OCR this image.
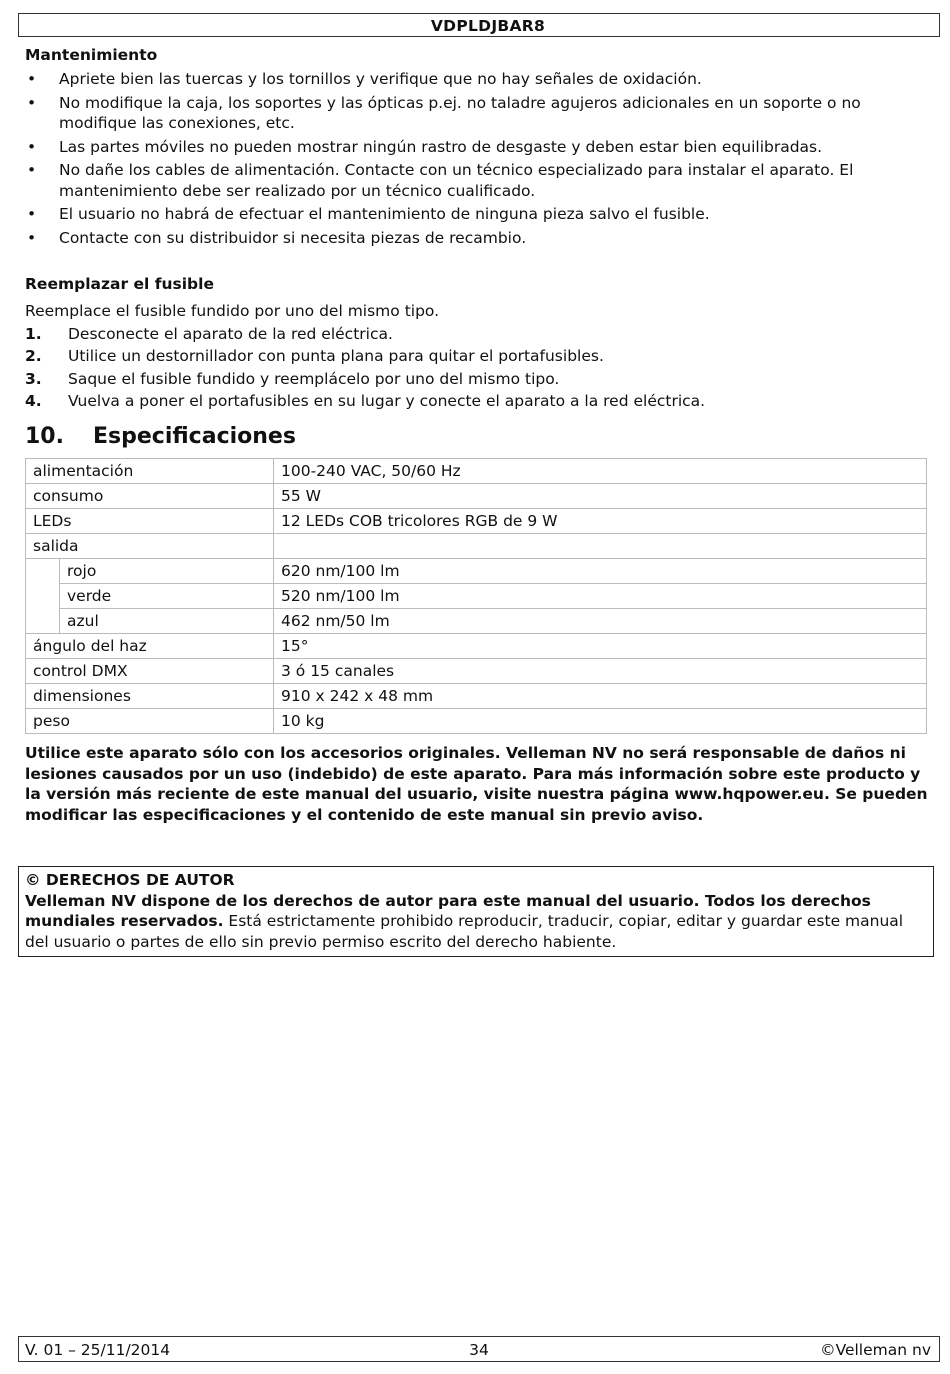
VDPLDJBAR8

Mantenimiento

• Apriete bien las tuercas y los tornillos y verifique que no hay señales de oxidación.
• No modifique la caja, los soportes y las ópticas p.ej. no taladre agujeros adicionales en un soporte o no modifique las conexiones, etc.
• Las partes móviles no pueden mostrar ningún rastro de desgaste y deben estar bien equilibradas.
• No dañe los cables de alimentación. Contacte con un técnico especializado para instalar el aparato. El mantenimiento debe ser realizado por un técnico cualificado.
• El usuario no habrá de efectuar el mantenimiento de ninguna pieza salvo el fusible.
• Contacte con su distribuidor si necesita piezas de recambio.

Reemplazar el fusible

Reemplace el fusible fundido por uno del mismo tipo.

1. Desconecte el aparato de la red eléctrica.
2. Utilice un destornillador con punta plana para quitar el portafusibles.
3. Saque el fusible fundido y reemplácelo por uno del mismo tipo.
4. Vuelva a poner el portafusibles en su lugar y conecte el aparato a la red eléctrica.
10. Especificaciones
alimentación		100-240 VAC, 50/60 Hz
consumo		55 W
LEDs		12 LEDs COB tricolores RGB de 9 W
salida		
	rojo	620 nm/100 lm
	verde	520 nm/100 lm
	azul	462 nm/50 lm
ángulo del haz		15°
control DMX		3 ó 15 canales
dimensiones		910 x 242 x 48 mm
peso		10 kg

Utilice este aparato sólo con los accesorios originales. Velleman NV no será responsable de daños ni lesiones causados por un uso (indebido) de este aparato. Para más información sobre este producto y la versión más reciente de este manual del usuario, visite nuestra página www.hqpower.eu. Se pueden modificar las especificaciones y el contenido de este manual sin previo aviso.

© DERECHOS DE AUTOR
Velleman NV dispone de los derechos de autor para este manual del usuario. Todos los derechos mundiales reservados. Está estrictamente prohibido reproducir, traducir, copiar, editar y guardar este manual del usuario o partes de ello sin previo permiso escrito del derecho habiente.
V. 01 – 25/11/2014	34	©Velleman nv
